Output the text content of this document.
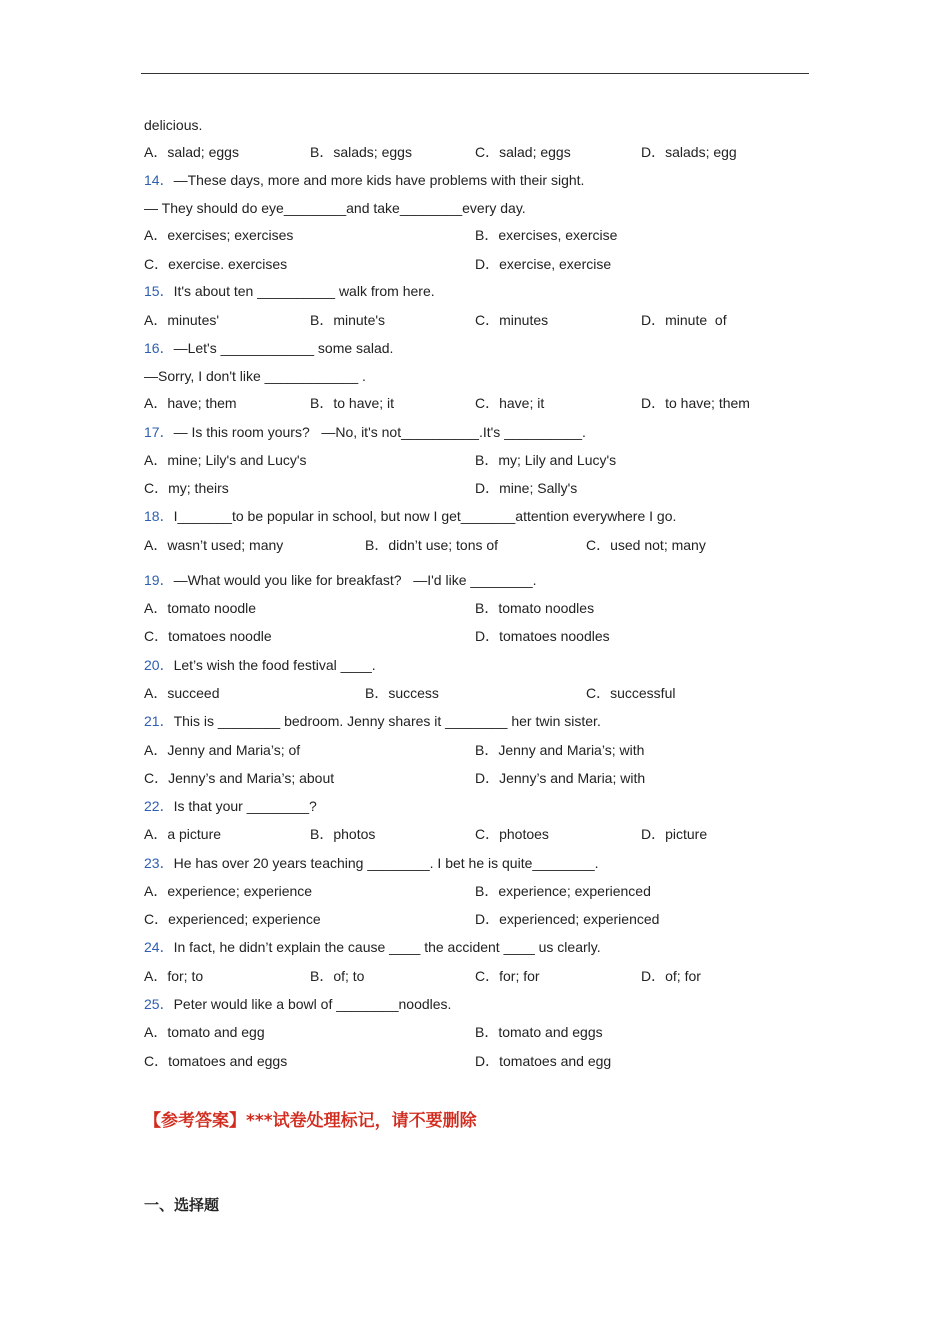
delicious.
A．salad; eggs	B．salads; eggs	C．salad; eggs	D．salads; egg
14．—These days, more and more kids have problems with their sight.
— They should do eye________and take________every day.
A．exercises; exercises	B．exercises, exercise
C．exercise. exercises	D．exercise, exercise
15．It's about ten __________ walk from here.
A．minutes'	B．minute's	C．minutes	D．minute  of
16．—Let's ____________ some salad.
—Sorry, I don't like ____________ .
A．have; them	B．to have; it	C．have; it	D．to have; them
17．— Is this room yours?   —No, it's not__________.It's __________.
A．mine; Lily's and Lucy's	B．my; Lily and Lucy's
C．my; theirs	D．mine; Sally's
18．I_______to be popular in school, but now I get_______attention everywhere I go.
A．wasn’t used; many	B．didn’t use; tons of	C．used not; many
19．—What would you like for breakfast?   —I'd like ________.
A．tomato noodle	B．tomato noodles
C．tomatoes noodle	D．tomatoes noodles
20．Let’s wish the food festival ____.
A．succeed	B．success	C．successful
21．This is ________ bedroom. Jenny shares it ________ her twin sister.
A．Jenny and Maria’s; of	B．Jenny and Maria’s; with
C．Jenny’s and Maria’s; about	D．Jenny’s and Maria; with
22．Is that your ________?
A．a picture	B．photos	C．photoes	D．picture
23．He has over 20 years teaching ________. I bet he is quite________.
A．experience; experience	B．experience; experienced
C．experienced; experience	D．experienced; experienced
24．In fact, he didn’t explain the cause ____ the accident ____ us clearly.
A．for; to	B．of; to	C．for; for	D．of; for
25．Peter would like a bowl of ________noodles.
A．tomato and egg	B．tomato and eggs
C．tomatoes and eggs	D．tomatoes and egg
【参考答案】***试卷处理标记，请不要删除
一、选择题
